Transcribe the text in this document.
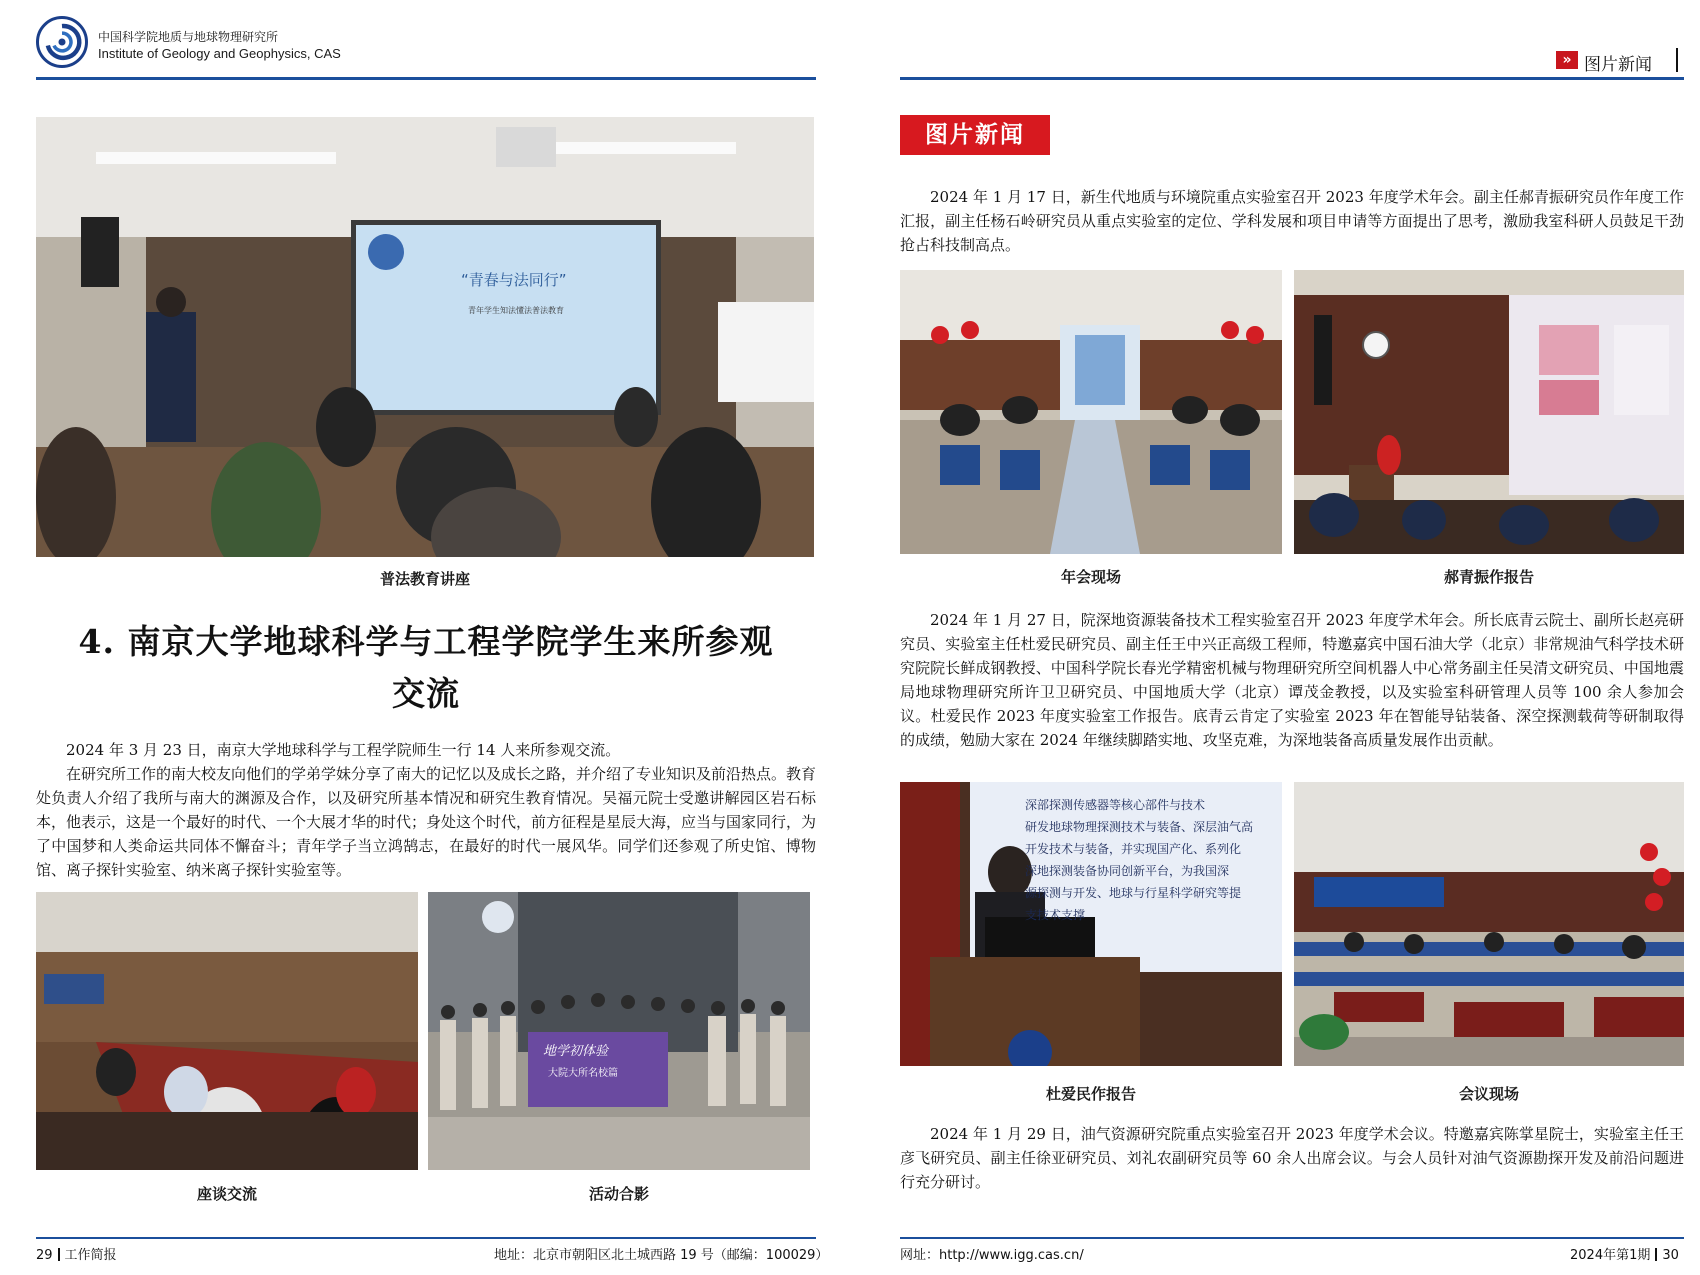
中国科学院地质与地球物理研究所
Institute of Geology and Geophysics, CAS
“青春与法同行”
青年学生知法懂法普法教育
普法教育讲座
4. 南京大学地球科学与工程学院学生来所参观
交流

2024 年 3 月 23 日，南京大学地球科学与工程学院师生一行 14 人来所参观交流。

在研究所工作的南大校友向他们的学弟学妹分享了南大的记忆以及成长之路，并介绍了专业知识及前沿热点。教育处负责人介绍了我所与南大的渊源及合作，以及研究所基本情况和研究生教育情况。吴福元院士受邀讲解园区岩石标本，他表示，这是一个最好的时代、一个大展才华的时代；身处这个时代，前方征程是星辰大海，应当与国家同行，为了中国梦和人类命运共同体不懈奋斗；青年学子当立鸿鹄志，在最好的时代一展风华。同学们还参观了所史馆、博物馆、离子探针实验室、纳米离子探针实验室等。

座谈交流
地学初体验
大院大所名校篇
活动合影
29 工作简报	地址：北京市朝阳区北土城西路 19 号（邮编：100029）
» 图片新闻
图片新闻

2024 年 1 月 17 日，新生代地质与环境院重点实验室召开 2023 年度学术年会。副主任郝青振研究员作年度工作汇报，副主任杨石岭研究员从重点实验室的定位、学科发展和项目申请等方面提出了思考，激励我室科研人员鼓足干劲抢占科技制高点。

年会现场	郝青振作报告

2024 年 1 月 27 日，院深地资源装备技术工程实验室召开 2023 年度学术年会。所长底青云院士、副所长赵亮研究员、实验室主任杜爱民研究员、副主任王中兴正高级工程师，特邀嘉宾中国石油大学（北京）非常规油气科学技术研究院院长鲜成钢教授、中国科学院长春光学精密机械与物理研究所空间机器人中心常务副主任吴清文研究员、中国地震局地球物理研究所许卫卫研究员、中国地质大学（北京）谭茂金教授，以及实验室科研管理人员等 100 余人参加会议。杜爱民作 2023 年度实验室工作报告。底青云肯定了实验室 2023 年在智能导钻装备、深空探测载荷等研制取得的成绩，勉励大家在 2024 年继续脚踏实地、攻坚克难，为深地装备高质量发展作出贡献。

深部探测传感器等核心部件与技术
研发地球物理探测技术与装备、深层油气高
开发技术与装备，并实现国产化、系列化
深地探测装备协同创新平台，为我国深
源探测与开发、地球与行星科学研究等提
支技术支撑
杜爱民作报告	会议现场

2024 年 1 月 29 日，油气资源研究院重点实验室召开 2023 年度学术会议。特邀嘉宾陈掌星院士，实验室主任王彦飞研究员、副主任徐亚研究员、刘礼农副研究员等 60 余人出席会议。与会人员针对油气资源勘探开发及前沿问题进行充分研讨。

网址：http://www.igg.cas.cn/	2024年第1期 30
